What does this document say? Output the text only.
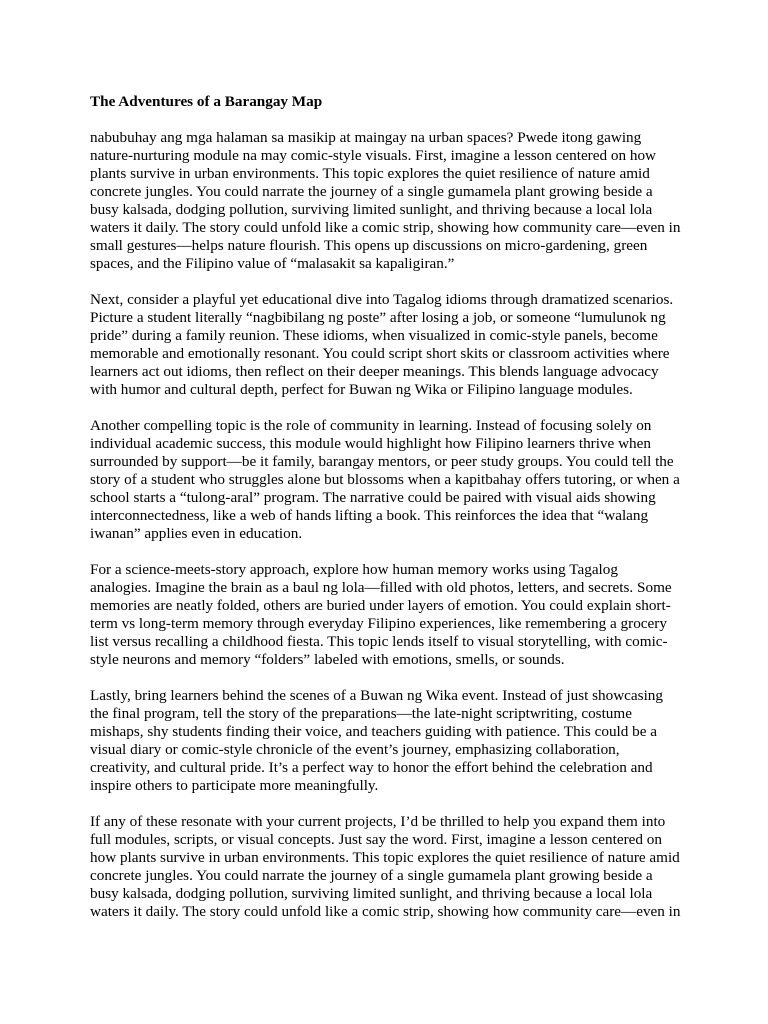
The Adventures of a Barangay Map
nabubuhay ang mga halaman sa masikip at maingay na urban spaces? Pwede itong gawing
nature-nurturing module na may comic-style visuals. First, imagine a lesson centered on how
plants survive in urban environments. This topic explores the quiet resilience of nature amid
concrete jungles. You could narrate the journey of a single gumamela plant growing beside a
busy kalsada, dodging pollution, surviving limited sunlight, and thriving because a local lola
waters it daily. The story could unfold like a comic strip, showing how community care—even in
small gestures—helps nature flourish. This opens up discussions on micro-gardening, green
spaces, and the Filipino value of “malasakit sa kapaligiran.”
Next, consider a playful yet educational dive into Tagalog idioms through dramatized scenarios.
Picture a student literally “nagbibilang ng poste” after losing a job, or someone “lumulunok ng
pride” during a family reunion. These idioms, when visualized in comic-style panels, become
memorable and emotionally resonant. You could script short skits or classroom activities where
learners act out idioms, then reflect on their deeper meanings. This blends language advocacy
with humor and cultural depth, perfect for Buwan ng Wika or Filipino language modules.
Another compelling topic is the role of community in learning. Instead of focusing solely on
individual academic success, this module would highlight how Filipino learners thrive when
surrounded by support—be it family, barangay mentors, or peer study groups. You could tell the
story of a student who struggles alone but blossoms when a kapitbahay offers tutoring, or when a
school starts a “tulong-aral” program. The narrative could be paired with visual aids showing
interconnectedness, like a web of hands lifting a book. This reinforces the idea that “walang
iwanan” applies even in education.
For a science-meets-story approach, explore how human memory works using Tagalog
analogies. Imagine the brain as a baul ng lola—filled with old photos, letters, and secrets. Some
memories are neatly folded, others are buried under layers of emotion. You could explain short-
term vs long-term memory through everyday Filipino experiences, like remembering a grocery
list versus recalling a childhood fiesta. This topic lends itself to visual storytelling, with comic-
style neurons and memory “folders” labeled with emotions, smells, or sounds.
Lastly, bring learners behind the scenes of a Buwan ng Wika event. Instead of just showcasing
the final program, tell the story of the preparations—the late-night scriptwriting, costume
mishaps, shy students finding their voice, and teachers guiding with patience. This could be a
visual diary or comic-style chronicle of the event’s journey, emphasizing collaboration,
creativity, and cultural pride. It’s a perfect way to honor the effort behind the celebration and
inspire others to participate more meaningfully.
If any of these resonate with your current projects, I’d be thrilled to help you expand them into
full modules, scripts, or visual concepts. Just say the word. First, imagine a lesson centered on
how plants survive in urban environments. This topic explores the quiet resilience of nature amid
concrete jungles. You could narrate the journey of a single gumamela plant growing beside a
busy kalsada, dodging pollution, surviving limited sunlight, and thriving because a local lola
waters it daily. The story could unfold like a comic strip, showing how community care—even in
